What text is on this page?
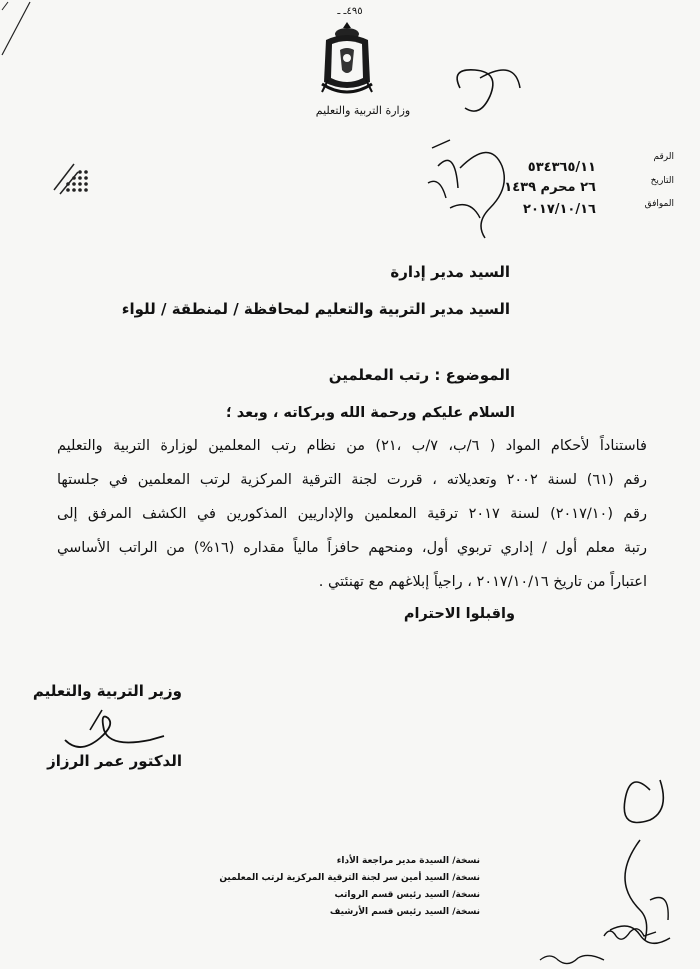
٤٩٥ـ ـ
وزارة التربية والتعليم
الرقم
٥٣٤٣٦٥/١١
التاريخ
٢٦ محرم ١٤٣٩
الموافق
٢٠١٧/١٠/١٦
السيد مدير إدارة
السيد مدير التربية والتعليم لمحافظة / لمنطقة / للواء
الموضوع : رتب المعلمين
السلام عليكم ورحمة الله وبركاته ، وبعد ؛
فاستناداً لأحكام المواد ( ٦/ب، ٧/ب ،٢١) من نظام رتب المعلمين لوزارة التربية والتعليم
رقم (٦١) لسنة ٢٠٠٢ وتعديلاته ، قررت لجنة الترقية المركزية لرتب المعلمين في جلستها
رقم (٢٠١٧/١٠) لسنة ٢٠١٧ ترقية المعلمين والإداريين المذكورين في الكشف المرفق إلى
رتبة معلم أول / إداري تربوي أول، ومنحهم حافزاً مالياً مقداره (١٦%) من الراتب الأساسي
اعتباراً من تاريخ ٢٠١٧/١٠/١٦ ، راجياً إبلاغهم مع تهنئتي .
واقبلوا الاحترام
وزير التربية والتعليم
الدكتور عمر الرزاز
نسخة/ السيدة مدير مراجعة الأداء
نسخة/ السيد أمين سر لجنة الترقية المركزية لرتب المعلمين
نسخة/ السيد رئيس قسم الرواتب
نسخة/ السيد رئيس قسم الأرشيف
